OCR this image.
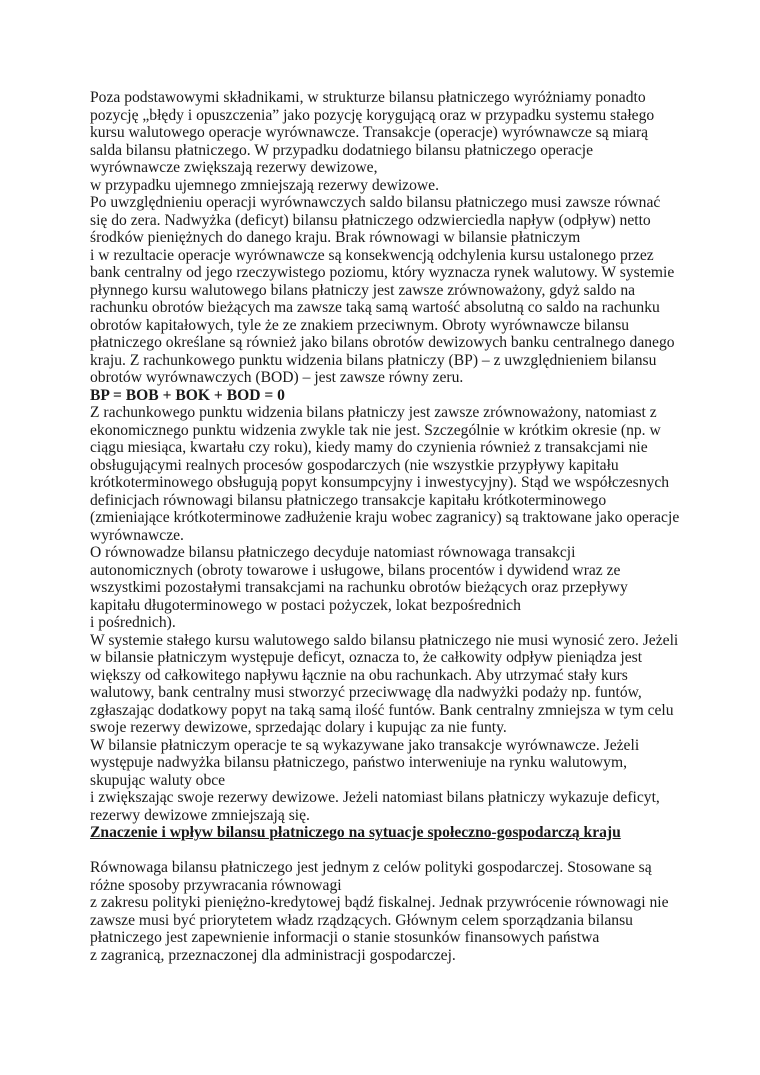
Poza podstawowymi składnikami, w strukturze bilansu płatniczego wyróżniamy ponadto
pozycję „błędy i opuszczenia” jako pozycję korygującą oraz w przypadku systemu stałego
kursu walutowego operacje wyrównawcze. Transakcje (operacje) wyrównawcze są miarą
salda bilansu płatniczego. W przypadku dodatniego bilansu płatniczego operacje
wyrównawcze zwiększają rezerwy dewizowe,
w przypadku ujemnego zmniejszają rezerwy dewizowe.
Po uwzględnieniu operacji wyrównawczych saldo bilansu płatniczego musi zawsze równać
się do zera. Nadwyżka (deficyt) bilansu płatniczego odzwierciedla napływ (odpływ) netto
środków pieniężnych do danego kraju. Brak równowagi w bilansie płatniczym
i w rezultacie operacje wyrównawcze są konsekwencją odchylenia kursu ustalonego przez
bank centralny od jego rzeczywistego poziomu, który wyznacza rynek walutowy. W systemie
płynnego kursu walutowego bilans płatniczy jest zawsze zrównoważony, gdyż saldo na
rachunku obrotów bieżących ma zawsze taką samą wartość absolutną co saldo na rachunku
obrotów kapitałowych, tyle że ze znakiem przeciwnym. Obroty wyrównawcze bilansu
płatniczego określane są również jako bilans obrotów dewizowych banku centralnego danego
kraju. Z rachunkowego punktu widzenia bilans płatniczy (BP) – z uwzględnieniem bilansu
obrotów wyrównawczych (BOD) – jest zawsze równy zeru.
BP = BOB + BOK + BOD = 0
Z rachunkowego punktu widzenia bilans płatniczy jest zawsze zrównoważony, natomiast z
ekonomicznego punktu widzenia zwykle tak nie jest. Szczególnie w krótkim okresie (np. w
ciągu miesiąca, kwartału czy roku), kiedy mamy do czynienia również z transakcjami nie
obsługującymi realnych procesów gospodarczych (nie wszystkie przypływy kapitału
krótkoterminowego obsługują popyt konsumpcyjny i inwestycyjny). Stąd we współczesnych
definicjach równowagi bilansu płatniczego transakcje kapitału krótkoterminowego
(zmieniające krótkoterminowe zadłużenie kraju wobec zagranicy) są traktowane jako operacje
wyrównawcze.
O równowadze bilansu płatniczego decyduje natomiast równowaga transakcji
autonomicznych (obroty towarowe i usługowe, bilans procentów i dywidend wraz ze
wszystkimi pozostałymi transakcjami na rachunku obrotów bieżących oraz przepływy
kapitału długoterminowego w postaci pożyczek, lokat bezpośrednich
i pośrednich).
W systemie stałego kursu walutowego saldo bilansu płatniczego nie musi wynosić zero. Jeżeli
w bilansie płatniczym występuje deficyt, oznacza to, że całkowity odpływ pieniądza jest
większy od całkowitego napływu łącznie na obu rachunkach. Aby utrzymać stały kurs
walutowy, bank centralny musi stworzyć przeciwwagę dla nadwyżki podaży np. funtów,
zgłaszając dodatkowy popyt na taką samą ilość funtów. Bank centralny zmniejsza w tym celu
swoje rezerwy dewizowe, sprzedając dolary i kupując za nie funty.
W bilansie płatniczym operacje te są wykazywane jako transakcje wyrównawcze. Jeżeli
występuje nadwyżka bilansu płatniczego, państwo interweniuje na rynku walutowym,
skupując waluty obce
i zwiększając swoje rezerwy dewizowe. Jeżeli natomiast bilans płatniczy wykazuje deficyt,
rezerwy dewizowe zmniejszają się.
Znaczenie i wpływ bilansu płatniczego na sytuacje społeczno-gospodarczą kraju
Równowaga bilansu płatniczego jest jednym z celów polityki gospodarczej. Stosowane są
różne sposoby przywracania równowagi
z zakresu polityki pieniężno-kredytowej bądź fiskalnej. Jednak przywrócenie równowagi nie
zawsze musi być priorytetem władz rządzących. Głównym celem sporządzania bilansu
płatniczego jest zapewnienie informacji o stanie stosunków finansowych państwa
z zagranicą, przeznaczonej dla administracji gospodarczej.
